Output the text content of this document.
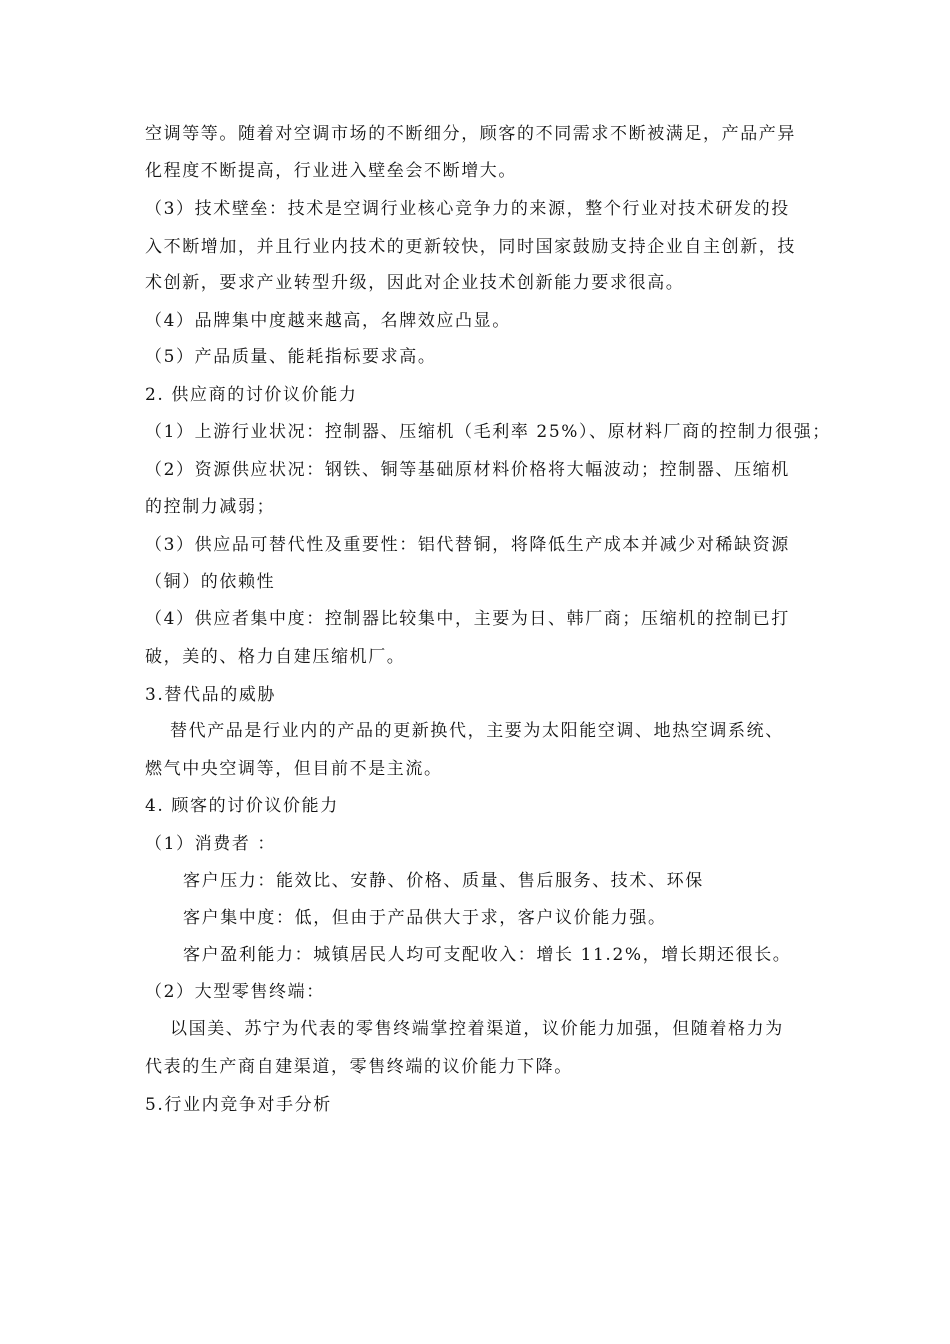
空调等等。随着对空调市场的不断细分，顾客的不同需求不断被满足，产品产异
化程度不断提高，行业进入壁垒会不断增大。
（3）技术壁垒：技术是空调行业核心竞争力的来源，整个行业对技术研发的投
入不断增加，并且行业内技术的更新较快，同时国家鼓励支持企业自主创新，技
术创新，要求产业转型升级，因此对企业技术创新能力要求很高。
（4）品牌集中度越来越高，名牌效应凸显。
（5）产品质量、能耗指标要求高。
2. 供应商的讨价议价能力
（1）上游行业状况：控制器、压缩机（毛利率 25%）、原材料厂商的控制力很强；
（2）资源供应状况：钢铁、铜等基础原材料价格将大幅波动；控制器、压缩机
的控制力减弱；
（3）供应品可替代性及重要性：铝代替铜，将降低生产成本并减少对稀缺资源
（铜）的依赖性
（4）供应者集中度：控制器比较集中，主要为日、韩厂商；压缩机的控制已打
破，美的、格力自建压缩机厂。
3.替代品的威胁
替代产品是行业内的产品的更新换代，主要为太阳能空调、地热空调系统、
燃气中央空调等，但目前不是主流。
4. 顾客的讨价议价能力
（1）消费者 ：
客户压力：能效比、安静、价格、质量、售后服务、技术、环保
客户集中度：低，但由于产品供大于求，客户议价能力强。
客户盈利能力：城镇居民人均可支配收入：增长 11.2%，增长期还很长。
（2）大型零售终端：
以国美、苏宁为代表的零售终端掌控着渠道，议价能力加强，但随着格力为
代表的生产商自建渠道，零售终端的议价能力下降。
5.行业内竞争对手分析
